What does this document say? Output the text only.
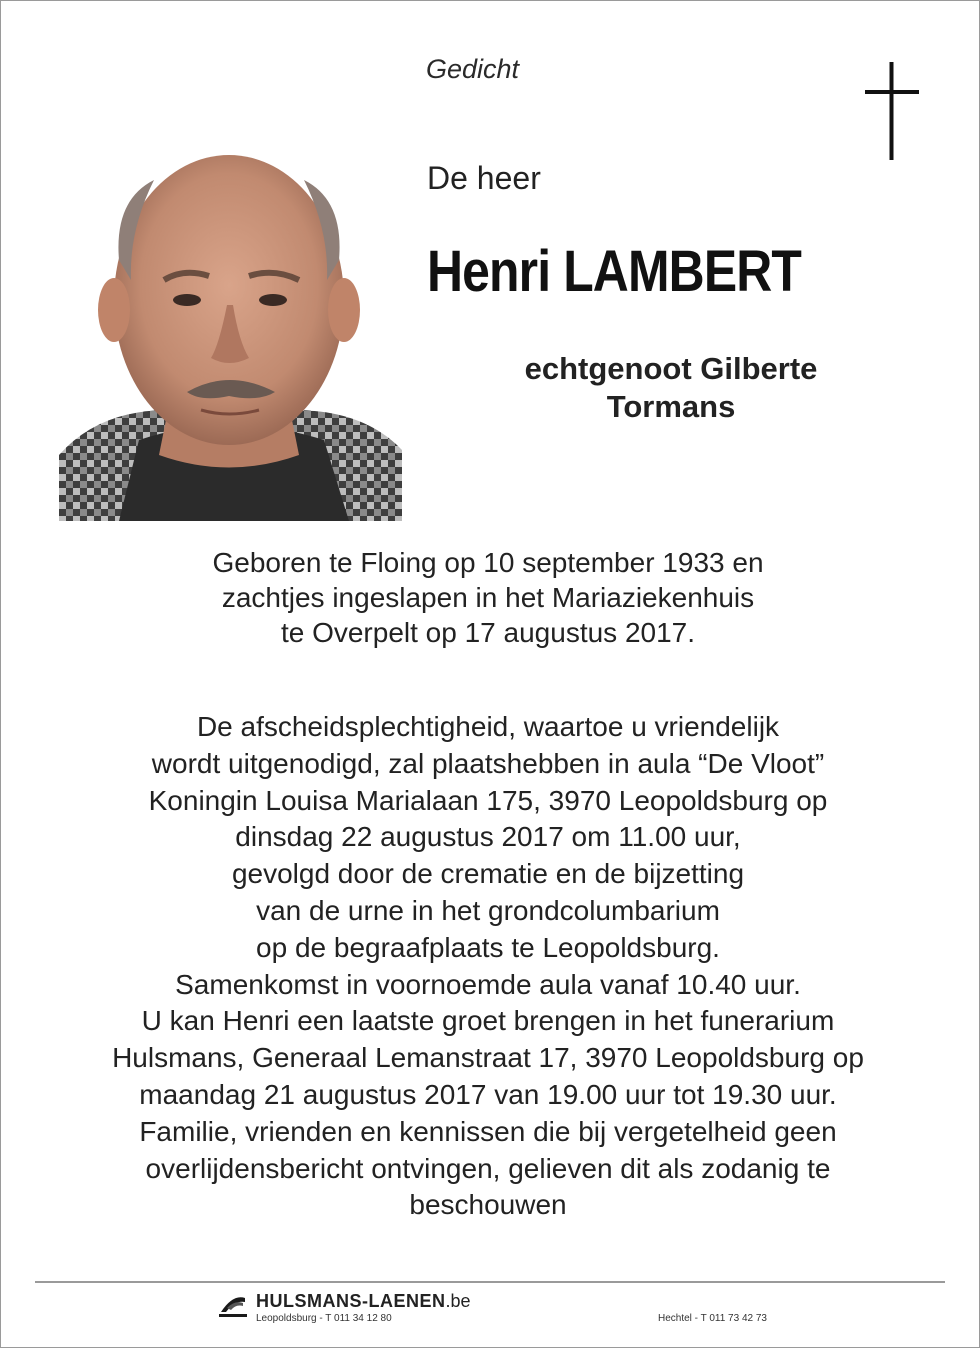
Gedicht
De heer
Henri LAMBERT
echtgenoot Gilberte
Tormans
Geboren te Floing op 10 september 1933 en
zachtjes ingeslapen in het Mariaziekenhuis
te Overpelt op 17 augustus 2017.
De afscheidsplechtigheid, waartoe u vriendelijk
wordt uitgenodigd, zal plaatshebben in aula “De Vloot”
Koningin Louisa Marialaan 175, 3970 Leopoldsburg op
dinsdag 22 augustus 2017 om 11.00 uur,
gevolgd door de crematie en de bijzetting
van de urne in het grondcolumbarium
op de begraafplaats te Leopoldsburg.
Samenkomst in voornoemde aula vanaf 10.40 uur.
U kan Henri een laatste groet brengen in het funerarium
Hulsmans, Generaal Lemanstraat 17, 3970 Leopoldsburg op
maandag 21 augustus 2017 van 19.00 uur tot 19.30 uur.
Familie, vrienden en kennissen die bij vergetelheid geen
overlijdensbericht ontvingen, gelieven dit als zodanig te
beschouwen
HULSMANS-LAENEN.be
Leopoldsburg - T 011 34 12 80	Hechtel - T 011 73 42 73
